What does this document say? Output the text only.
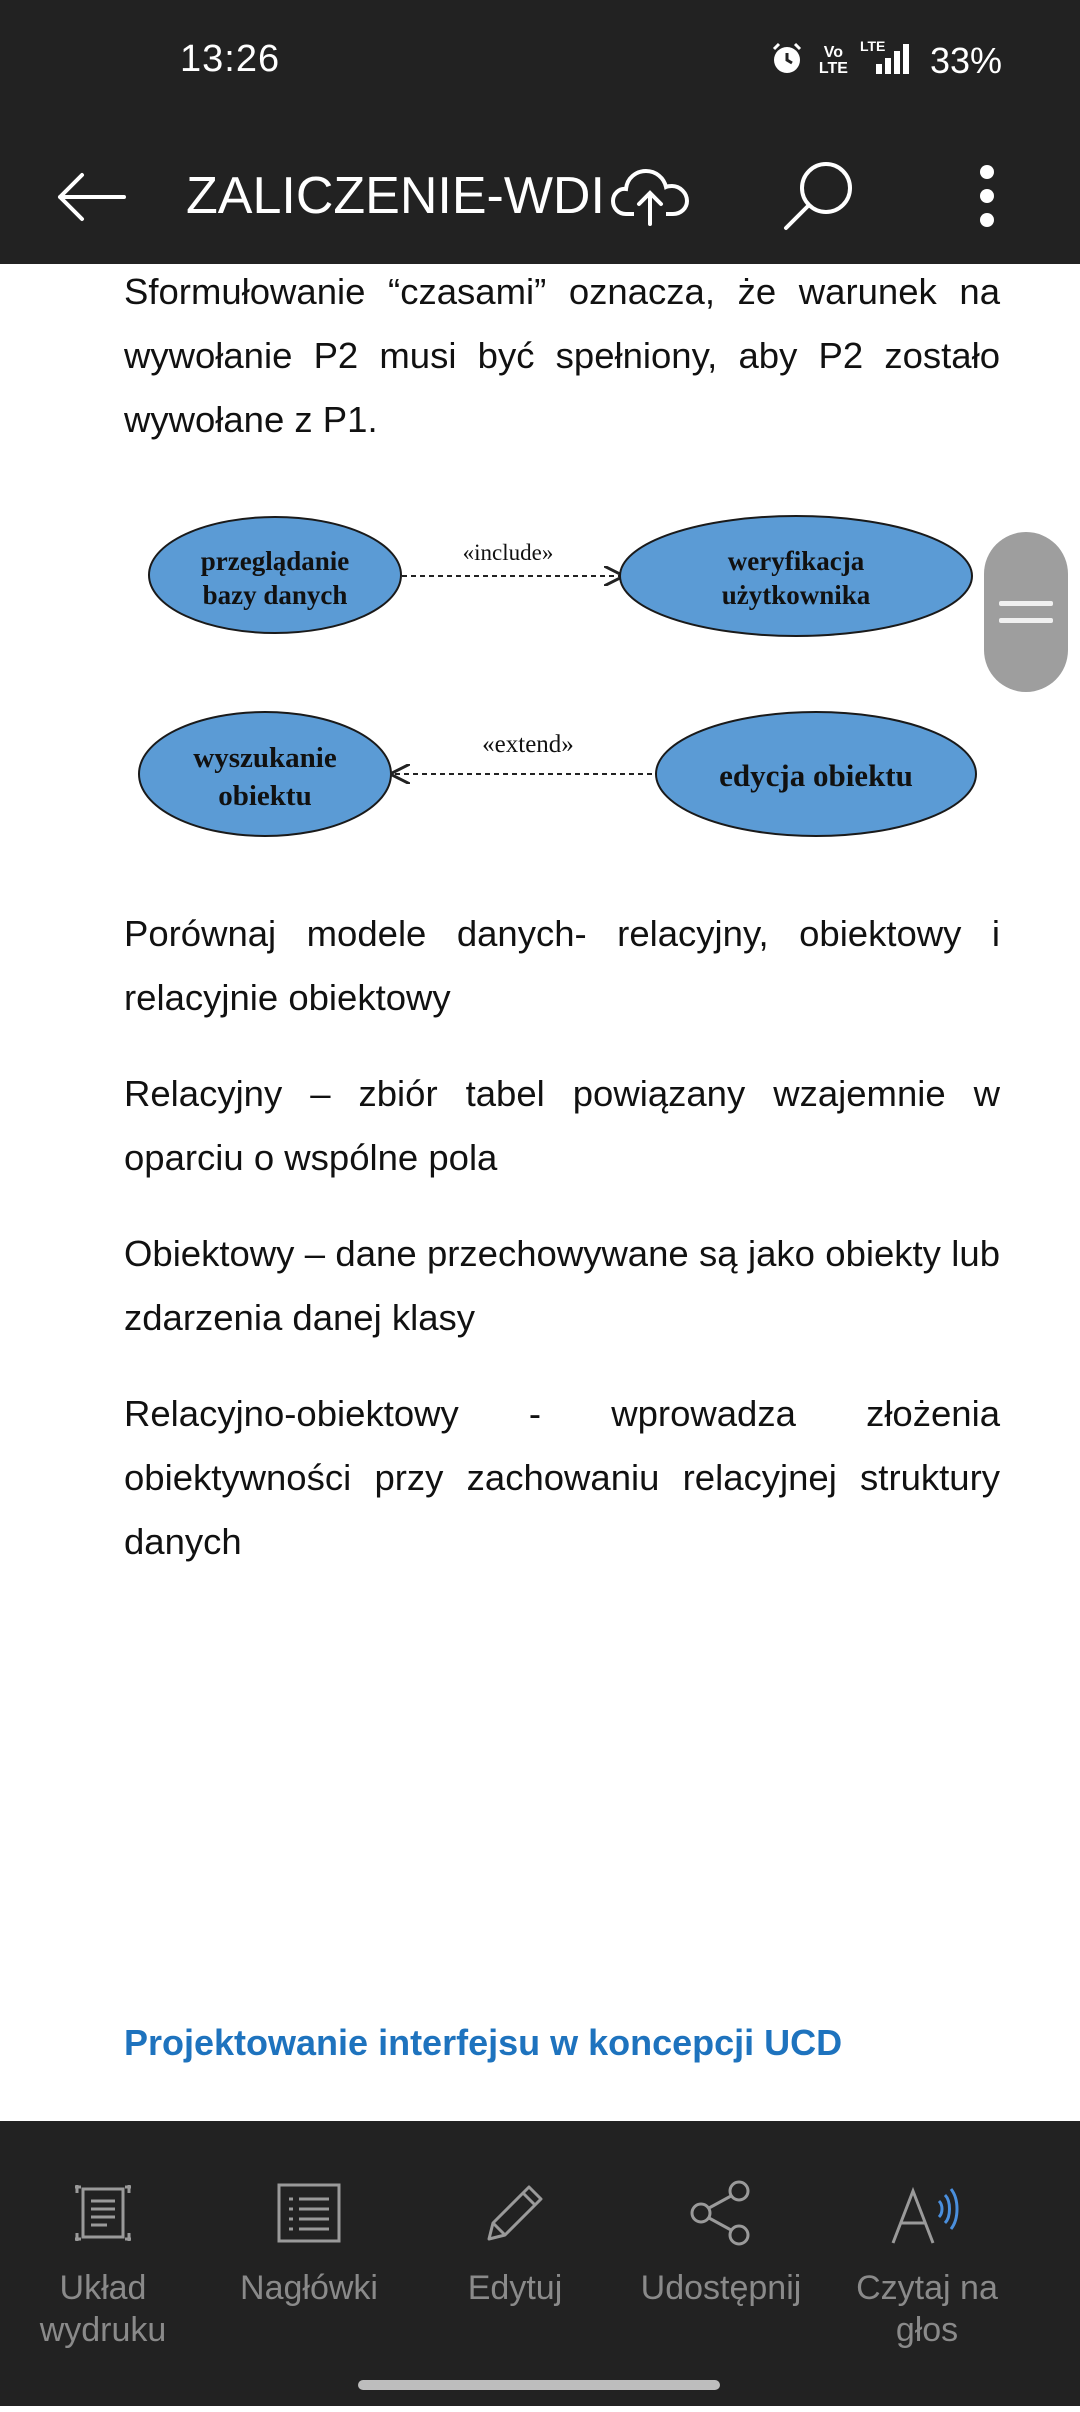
13:26	Vo
LTE
LTE 33%
ZALICZENIE-WDI

Sformułowanie “czasami” oznacza, że warunek na wywołanie P2 musi być spełniony, aby P2 zostało wywołane z P1.

przeglądanie
bazy danych
«include»	weryfikacja
użytkownika
wyszukanie
obiektu
«extend»
edycja obiektu

Porównaj modele danych- relacyjny, obiektowy i relacyjnie obiektowy

Relacyjny – zbiór tabel powiązany wzajemnie w oparciu o wspólne pola

Obiektowy – dane przechowywane są jako obiekty lub zdarzenia danej klasy

Relacyjno-obiektowy - wprowadza złożenia obiektywności przy zachowaniu relacyjnej struktury danych

Projektowanie interfejsu w koncepcji UCD
Układ wydruku
Nagłówki	Edytuj	Udostępnij	Czytaj na głos
